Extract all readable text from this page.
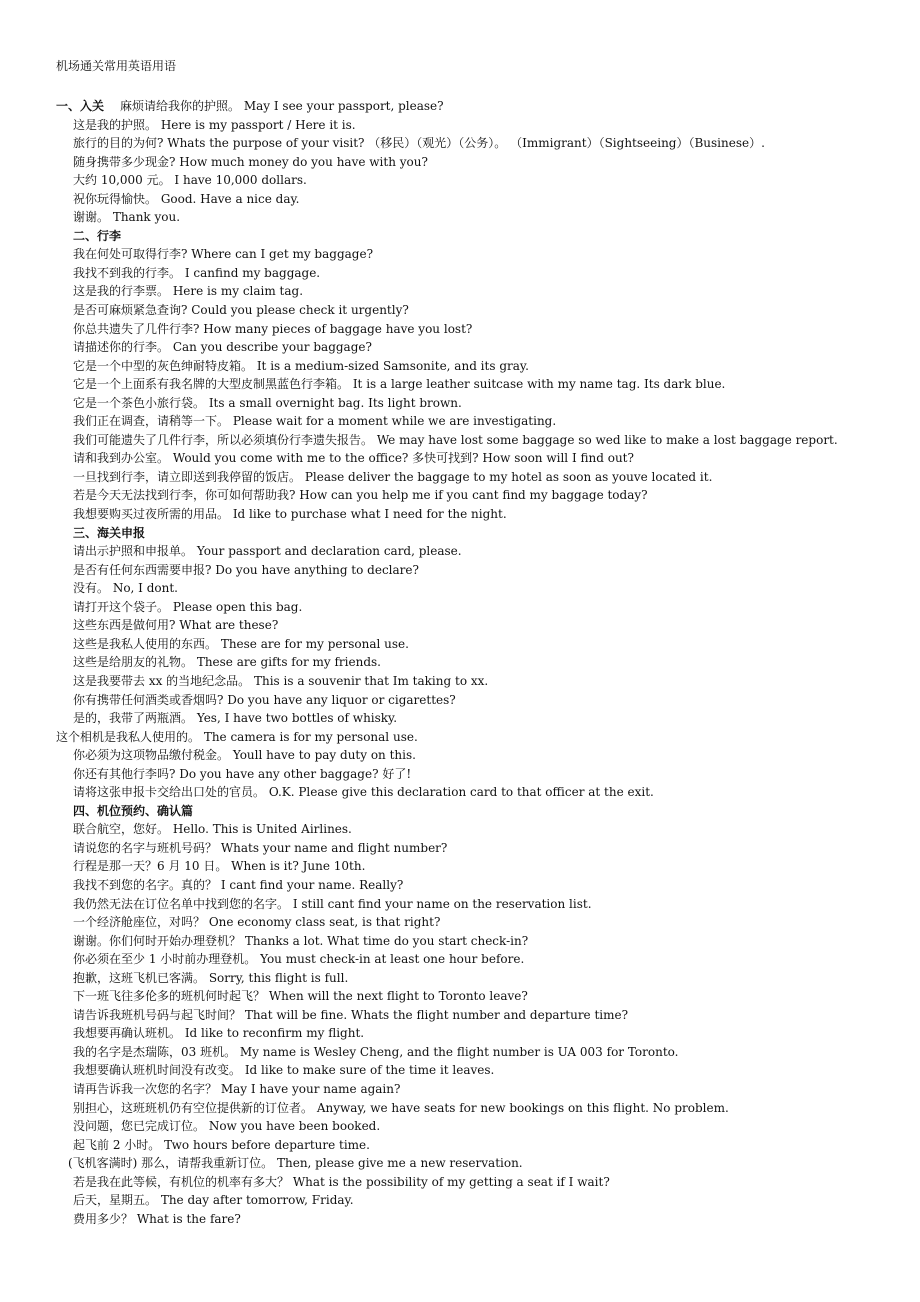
机场通关常用英语用语
一、入关 麻烦请给我你的护照。 May I see your passport, please?
这是我的护照。 Here is my passport / Here it is.
旅行的目的为何? Whats the purpose of your visit? （移民）（观光）（公务）。 （Immigrant）（Sightseeing）（Businese）.
随身携带多少现金? How much money do you have with you?
大约 10,000 元。 I have 10,000 dollars.
祝你玩得愉快。 Good. Have a nice day.
谢谢。 Thank you.
二、行李
我在何处可取得行李? Where can I get my baggage?
我找不到我的行李。 I canfind my baggage.
这是我的行李票。 Here is my claim tag.
是否可麻烦紧急查询? Could you please check it urgently?
你总共遗失了几件行李? How many pieces of baggage have you lost?
请描述你的行李。 Can you describe your baggage?
它是一个中型的灰色绅耐特皮箱。 It is a medium-sized Samsonite, and its gray.
它是一个上面系有我名牌的大型皮制黑蓝色行李箱。 It is a large leather suitcase with my name tag. Its dark blue.
它是一个茶色小旅行袋。 Its a small overnight bag. Its light brown.
我们正在调查，请稍等一下。 Please wait for a moment while we are investigating.
我们可能遗失了几件行李，所以必须填份行李遗失报告。 We may have lost some baggage so wed like to make a lost baggage report.
请和我到办公室。 Would you come with me to the office? 多快可找到? How soon will I find out?
一旦找到行李，请立即送到我停留的饭店。 Please deliver the baggage to my hotel as soon as youve located it.
若是今天无法找到行李，你可如何帮助我? How can you help me if you cant find my baggage today?
我想要购买过夜所需的用品。 Id like to purchase what I need for the night.
三、海关申报
请出示护照和申报单。 Your passport and declaration card, please.
是否有任何东西需要申报? Do you have anything to declare?
没有。 No, I dont.
请打开这个袋子。 Please open this bag.
这些东西是做何用? What are these?
这些是我私人使用的东西。 These are for my personal use.
这些是给朋友的礼物。 These are gifts for my friends.
这是我要带去 xx 的当地纪念品。 This is a souvenir that Im taking to xx.
你有携带任何酒类或香烟吗? Do you have any liquor or cigarettes?
是的，我带了两瓶酒。 Yes, I have two bottles of whisky.
这个相机是我私人使用的。 The camera is for my personal use.
你必须为这项物品缴付税金。 Youll have to pay duty on this.
你还有其他行李吗? Do you have any other baggage? 好了!
请将这张申报卡交给出口处的官员。 O.K. Please give this declaration card to that officer at the exit.
四、机位预约、确认篇
联合航空，您好。 Hello. This is United Airlines.
请说您的名字与班机号码？ Whats your name and flight number?
行程是那一天？6 月 10 日。 When is it? June 10th.
我找不到您的名字。真的？ I cant find your name. Really?
我仍然无法在订位名单中找到您的名字。 I still cant find your name on the reservation list.
一个经济舱座位，对吗？ One economy class seat, is that right?
谢谢。你们何时开始办理登机？ Thanks a lot. What time do you start check-in?
你必须在至少 1 小时前办理登机。 You must check-in at least one hour before.
抱歉，这班飞机已客满。 Sorry, this flight is full.
下一班飞往多伦多的班机何时起飞？ When will the next flight to Toronto leave?
请告诉我班机号码与起飞时间？ That will be fine. Whats the flight number and departure time?
我想要再确认班机。 Id like to reconfirm my flight.
我的名字是杰瑞陈，03 班机。 My name is Wesley Cheng, and the flight number is UA 003 for Toronto.
我想要确认班机时间没有改变。 Id like to make sure of the time it leaves.
请再告诉我一次您的名字？ May I have your name again?
别担心，这班班机仍有空位提供新的订位者。 Anyway, we have seats for new bookings on this flight. No problem.
没问题，您已完成订位。 Now you have been booked.
起飞前 2 小时。 Two hours before departure time.
(飞机客满时) 那么，请帮我重新订位。 Then, please give me a new reservation.
若是我在此等候，有机位的机率有多大？ What is the possibility of my getting a seat if I wait?
后天，星期五。 The day after tomorrow, Friday.
费用多少？ What is the fare?
